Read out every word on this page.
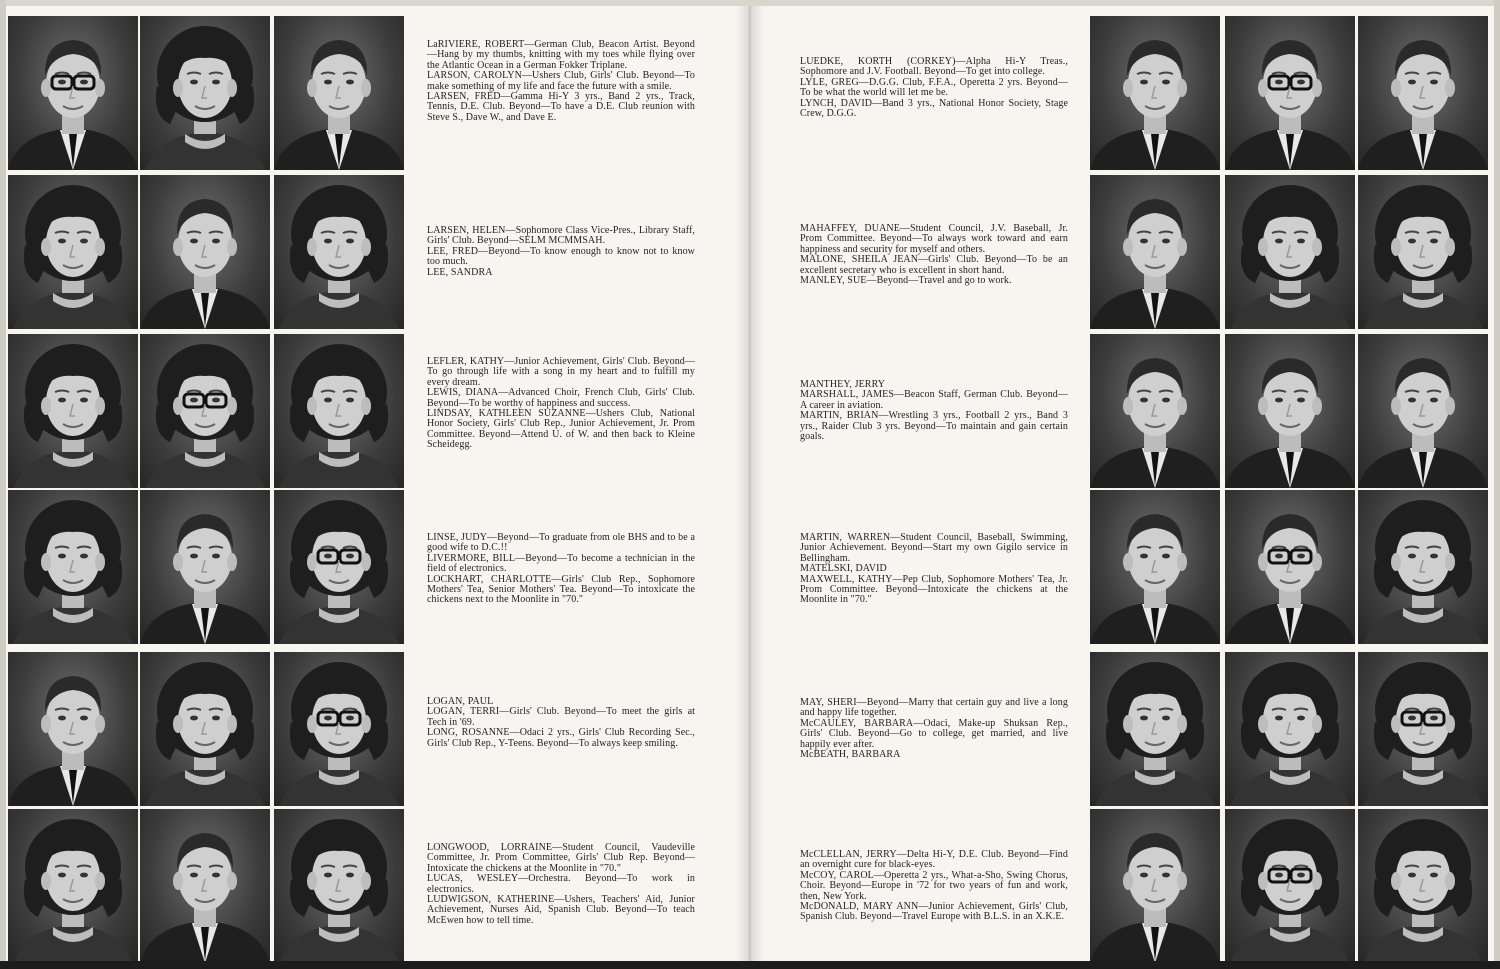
LaRIVIERE, ROBERT—German Club, Beacon Artist. Beyond—Hang by my thumbs, knitting with my toes while flying over the Atlantic Ocean in a German Fokker Triplane.

LARSON, CAROLYN—Ushers Club, Girls' Club. Beyond—To make something of my life and face the future with a smile.

LARSEN, FRED—Gamma Hi-Y 3 yrs., Band 2 yrs., Track, Tennis, D.E. Club. Beyond—To have a D.E. Club reunion with Steve S., Dave W., and Dave E.

LARSEN, HELEN—Sophomore Class Vice-Pres., Library Staff, Girls' Club. Beyond—SELM MCMMSAH.

LEE, FRED—Beyond—To know enough to know not to know too much.

LEE, SANDRA

LEFLER, KATHY—Junior Achievement, Girls' Club. Beyond—To go through life with a song in my heart and to fulfill my every dream.

LEWIS, DIANA—Advanced Choir, French Club, Girls' Club. Beyond—To be worthy of happiness and success.

LINDSAY, KATHLEEN SUZANNE—Ushers Club, National Honor Society, Girls' Club Rep., Junior Achievement, Jr. Prom Committee. Beyond—Attend U. of W. and then back to Kleine Scheidegg.

LINSE, JUDY—Beyond—To graduate from ole BHS and to be a good wife to D.C.!!

LIVERMORE, BILL—Beyond—To become a technician in the field of electronics.

LOCKHART, CHARLOTTE—Girls' Club Rep., Sophomore Mothers' Tea, Senior Mothers' Tea. Beyond—To intoxicate the chickens next to the Moonlite in "70."

LOGAN, PAUL

LOGAN, TERRI—Girls' Club. Beyond—To meet the girls at Tech in '69.

LONG, ROSANNE—Odaci 2 yrs., Girls' Club Recording Sec., Girls' Club Rep., Y-Teens. Beyond—To always keep smiling.

LONGWOOD, LORRAINE—Student Council, Vaudeville Committee, Jr. Prom Committee, Girls' Club Rep. Beyond—Intoxicate the chickens at the Moonlite in "70."

LUCAS, WESLEY—Orchestra. Beyond—To work in electronics.

LUDWIGSON, KATHERINE—Ushers, Teachers' Aid, Junior Achievement, Nurses Aid, Spanish Club. Beyond—To teach McEwen how to tell time.

LUEDKE, KORTH (CORKEY)—Alpha Hi-Y Treas., Sophomore and J.V. Football. Beyond—To get into college.

LYLE, GREG—D.G.G. Club, F.F.A., Operetta 2 yrs. Beyond—To be what the world will let me be.

LYNCH, DAVID—Band 3 yrs., National Honor Society, Stage Crew, D.G.G.

MAHAFFEY, DUANE—Student Council, J.V. Baseball, Jr. Prom Committee. Beyond—To always work toward and earn happiness and security for myself and others.

MALONE, SHEILA JEAN—Girls' Club. Beyond—To be an excellent secretary who is excellent in short hand.

MANLEY, SUE—Beyond—Travel and go to work.

MANTHEY, JERRY

MARSHALL, JAMES—Beacon Staff, German Club. Beyond—A career in aviation.

MARTIN, BRIAN—Wrestling 3 yrs., Football 2 yrs., Band 3 yrs., Raider Club 3 yrs. Beyond—To maintain and gain certain goals.

MARTIN, WARREN—Student Council, Baseball, Swimming, Junior Achievement. Beyond—Start my own Gigilo service in Bellingham.

MATELSKI, DAVID

MAXWELL, KATHY—Pep Club, Sophomore Mothers' Tea, Jr. Prom Committee. Beyond—Intoxicate the chickens at the Moonlite in "70."

MAY, SHERI—Beyond—Marry that certain guy and live a long and happy life together.

McCAULEY, BARBARA—Odaci, Make-up Shuksan Rep., Girls' Club. Beyond—Go to college, get married, and live happily ever after.

McBEATH, BARBARA

McCLELLAN, JERRY—Delta Hi-Y, D.E. Club. Beyond—Find an overnight cure for black-eyes.

McCOY, CAROL—Operetta 2 yrs., What-a-Sho, Swing Chorus, Choir. Beyond—Europe in '72 for two years of fun and work, then, New York.

McDONALD, MARY ANN—Junior Achievement, Girls' Club, Spanish Club. Beyond—Travel Europe with B.L.S. in an X.K.E.
